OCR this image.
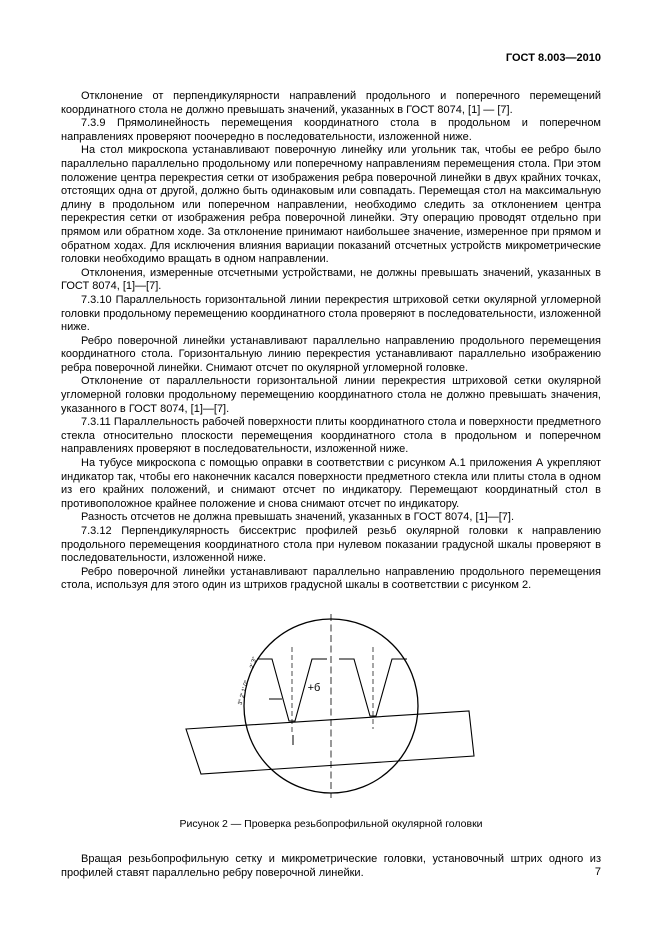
ГОСТ 8.003—2010

Отклонение от перпендикулярности направлений продольного и поперечного перемещений координатного стола не должно превышать значений, указанных в ГОСТ 8074, [1] — [7].

7.3.9 Прямолинейность перемещения координатного стола в продольном и поперечном направлениях проверяют поочередно в последовательности, изложенной ниже.

На стол микроскопа устанавливают поверочную линейку или угольник так, чтобы ее ребро было параллельно параллельно продольному или поперечному направлениям перемещения стола. При этом положение центра перекрестия сетки от изображения ребра поверочной линейки в двух крайних точках, отстоящих одна от другой, должно быть одинаковым или совпадать. Перемещая стол на максимальную длину в продольном или поперечном направлении, необходимо следить за отклонением центра перекрестия сетки от изображения ребра поверочной линейки. Эту операцию проводят отдельно при прямом или обратном ходе. За отклонение принимают наибольшее значение, измеренное при прямом и обратном ходах. Для исключения влияния вариации показаний отсчетных устройств микрометрические головки необходимо вращать в одном направлении.

Отклонения, измеренные отсчетными устройствами, не должны превышать значений, указанных в ГОСТ 8074, [1]—[7].

7.3.10 Параллельность горизонтальной линии перекрестия штриховой сетки окулярной угломерной головки продольному перемещению координатного стола проверяют в последовательности, изложенной ниже.

Ребро поверочной линейки устанавливают параллельно направлению продольного перемещения координатного стола. Горизонтальную линию перекрестия устанавливают параллельно изображению ребра поверочной линейки. Снимают отсчет по окулярной угломерной головке.

Отклонение от параллельности горизонтальной линии перекрестия штриховой сетки окулярной угломерной головки продольному перемещению координатного стола не должно превышать значения, указанного в ГОСТ 8074, [1]—[7].

7.3.11 Параллельность рабочей поверхности плиты координатного стола и поверхности предметного стекла относительно плоскости перемещения координатного стола в продольном и поперечном направлениях проверяют в последовательности, изложенной ниже.

На тубусе микроскопа с помощью оправки в соответствии с рисунком А.1 приложения А укрепляют индикатор так, чтобы его наконечник касался поверхности предметного стекла или плиты стола в одном из его крайних положений, и снимают отсчет по индикатору. Перемещают координатный стол в противоположное крайнее положение и снова снимают отсчет по индикатору.

Разность отсчетов не должна превышать значений, указанных в ГОСТ 8074, [1]—[7].

7.3.12 Перпендикулярность биссектрис профилей резьб окулярной головки к направлению продольного перемещения координатного стола при нулевом показании градусной шкалы проверяют в последовательности, изложенной ниже.

Ребро поверочной линейки устанавливают параллельно направлению продольного перемещения стола, используя для этого один из штрихов градусной шкалы в соответствии с рисунком 2.

+б
2′ 3°
3° 2′ 1′ 0°
Рисунок 2 — Проверка резьбопрофильной окулярной головки

Вращая резьбопрофильную сетку и микрометрические головки, установочный штрих одного из профилей ставят параллельно ребру поверочной линейки.	7
